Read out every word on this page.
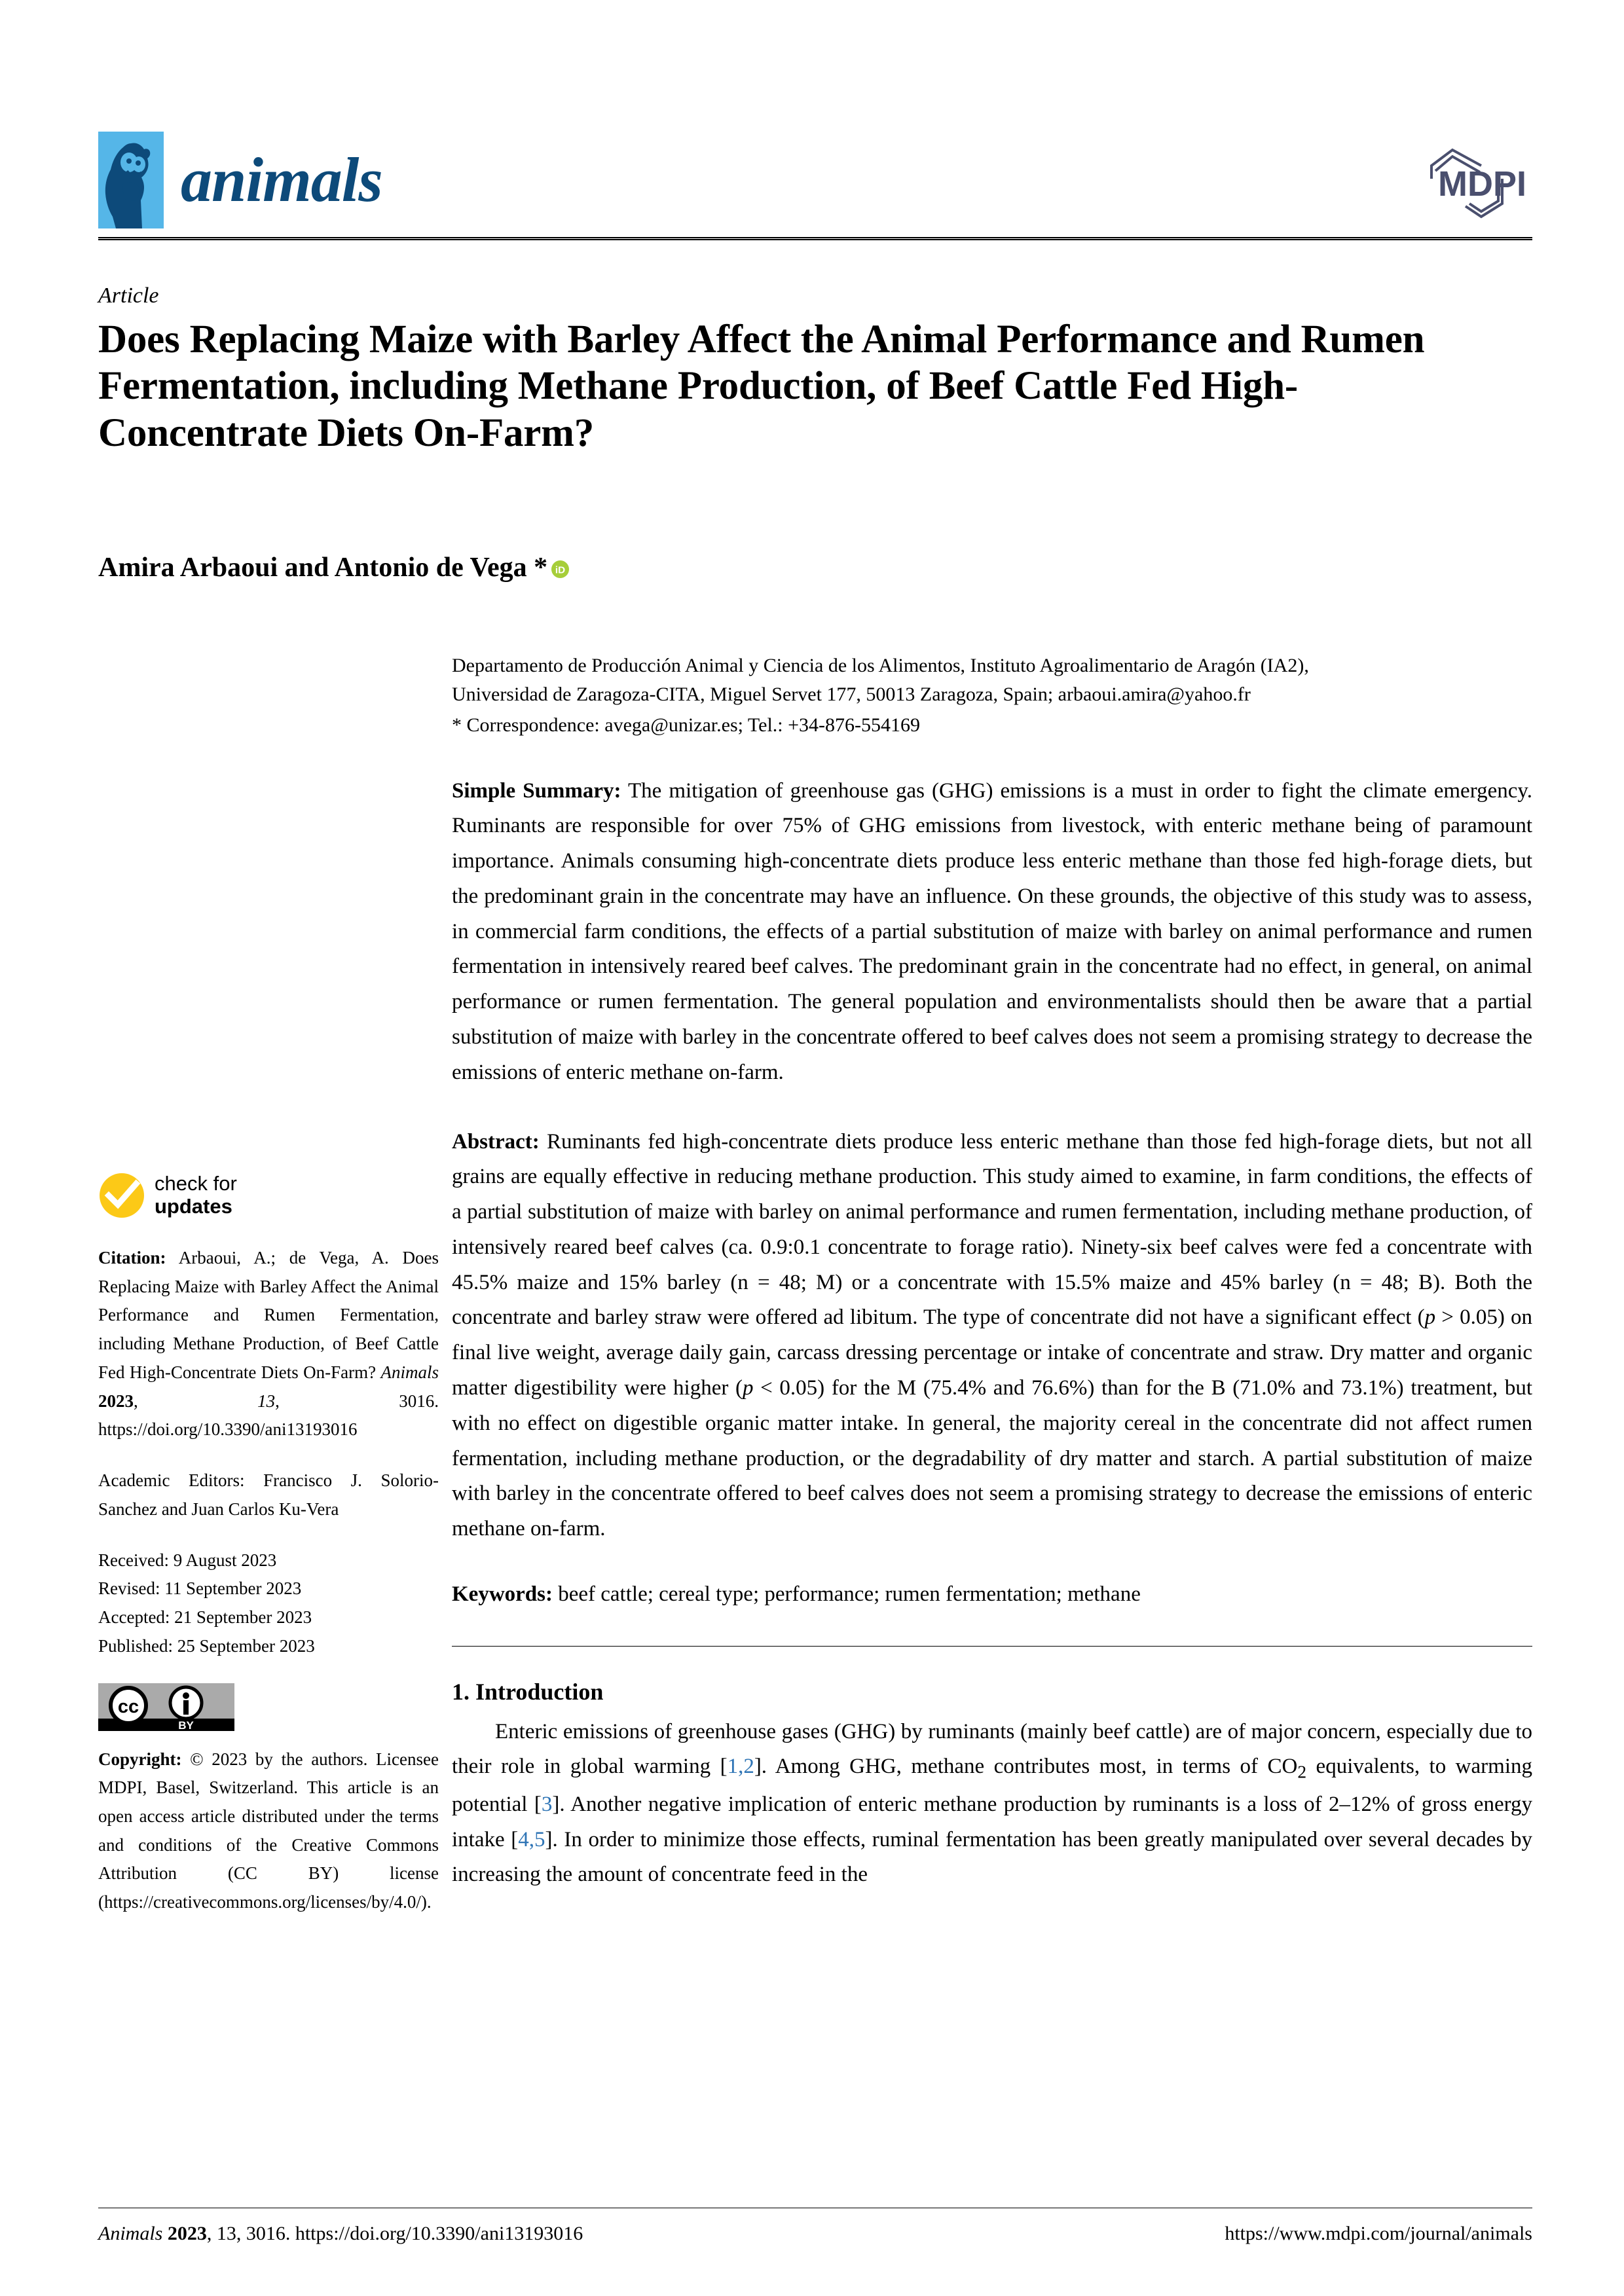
animals	MDPI
Article
Does Replacing Maize with Barley Affect the Animal Performance and Rumen Fermentation, including Methane Production, of Beef Cattle Fed High-Concentrate Diets On-Farm?
Amira Arbaoui and Antonio de Vega * iD
check for
updates
Citation: Arbaoui, A.; de Vega, A. Does Replacing Maize with Barley Affect the Animal Performance and Rumen Fermentation, including Methane Production, of Beef Cattle Fed High-Concentrate Diets On-Farm? Animals 2023, 13, 3016. https://doi.org/10.3390/ani13193016
Academic Editors: Francisco J. Solorio-Sanchez and Juan Carlos Ku-Vera
Received: 9 August 2023
Revised: 11 September 2023
Accepted: 21 September 2023
Published: 25 September 2023
cc
BY
Copyright: © 2023 by the authors. Licensee MDPI, Basel, Switzerland. This article is an open access article distributed under the terms and conditions of the Creative Commons Attribution (CC BY) license (https://creativecommons.org/licenses/by/4.0/).
Departamento de Producción Animal y Ciencia de los Alimentos, Instituto Agroalimentario de Aragón (IA2),
Universidad de Zaragoza-CITA, Miguel Servet 177, 50013 Zaragoza, Spain; arbaoui.amira@yahoo.fr
* Correspondence: avega@unizar.es; Tel.: +34-876-554169
Simple Summary: The mitigation of greenhouse gas (GHG) emissions is a must in order to fight the climate emergency. Ruminants are responsible for over 75% of GHG emissions from livestock, with enteric methane being of paramount importance. Animals consuming high-concentrate diets produce less enteric methane than those fed high-forage diets, but the predominant grain in the concentrate may have an influence. On these grounds, the objective of this study was to assess, in commercial farm conditions, the effects of a partial substitution of maize with barley on animal performance and rumen fermentation in intensively reared beef calves. The predominant grain in the concentrate had no effect, in general, on animal performance or rumen fermentation. The general population and environmentalists should then be aware that a partial substitution of maize with barley in the concentrate offered to beef calves does not seem a promising strategy to decrease the emissions of enteric methane on-farm.
Abstract: Ruminants fed high-concentrate diets produce less enteric methane than those fed high-forage diets, but not all grains are equally effective in reducing methane production. This study aimed to examine, in farm conditions, the effects of a partial substitution of maize with barley on animal performance and rumen fermentation, including methane production, of intensively reared beef calves (ca. 0.9:0.1 concentrate to forage ratio). Ninety-six beef calves were fed a concentrate with 45.5% maize and 15% barley (n = 48; M) or a concentrate with 15.5% maize and 45% barley (n = 48; B). Both the concentrate and barley straw were offered ad libitum. The type of concentrate did not have a significant effect (p > 0.05) on final live weight, average daily gain, carcass dressing percentage or intake of concentrate and straw. Dry matter and organic matter digestibility were higher (p < 0.05) for the M (75.4% and 76.6%) than for the B (71.0% and 73.1%) treatment, but with no effect on digestible organic matter intake. In general, the majority cereal in the concentrate did not affect rumen fermentation, including methane production, or the degradability of dry matter and starch. A partial substitution of maize with barley in the concentrate offered to beef calves does not seem a promising strategy to decrease the emissions of enteric methane on-farm.
Keywords: beef cattle; cereal type; performance; rumen fermentation; methane
1. Introduction
Enteric emissions of greenhouse gases (GHG) by ruminants (mainly beef cattle) are of major concern, especially due to their role in global warming [1,2]. Among GHG, methane contributes most, in terms of $CO_2$ equivalents, to warming potential [3]. Another negative implication of enteric methane production by ruminants is a loss of 2–12% of gross energy intake [4,5]. In order to minimize those effects, ruminal fermentation has been greatly manipulated over several decades by increasing the amount of concentrate feed in the
Animals 2023, 13, 3016. https://doi.org/10.3390/ani13193016	https://www.mdpi.com/journal/animals
